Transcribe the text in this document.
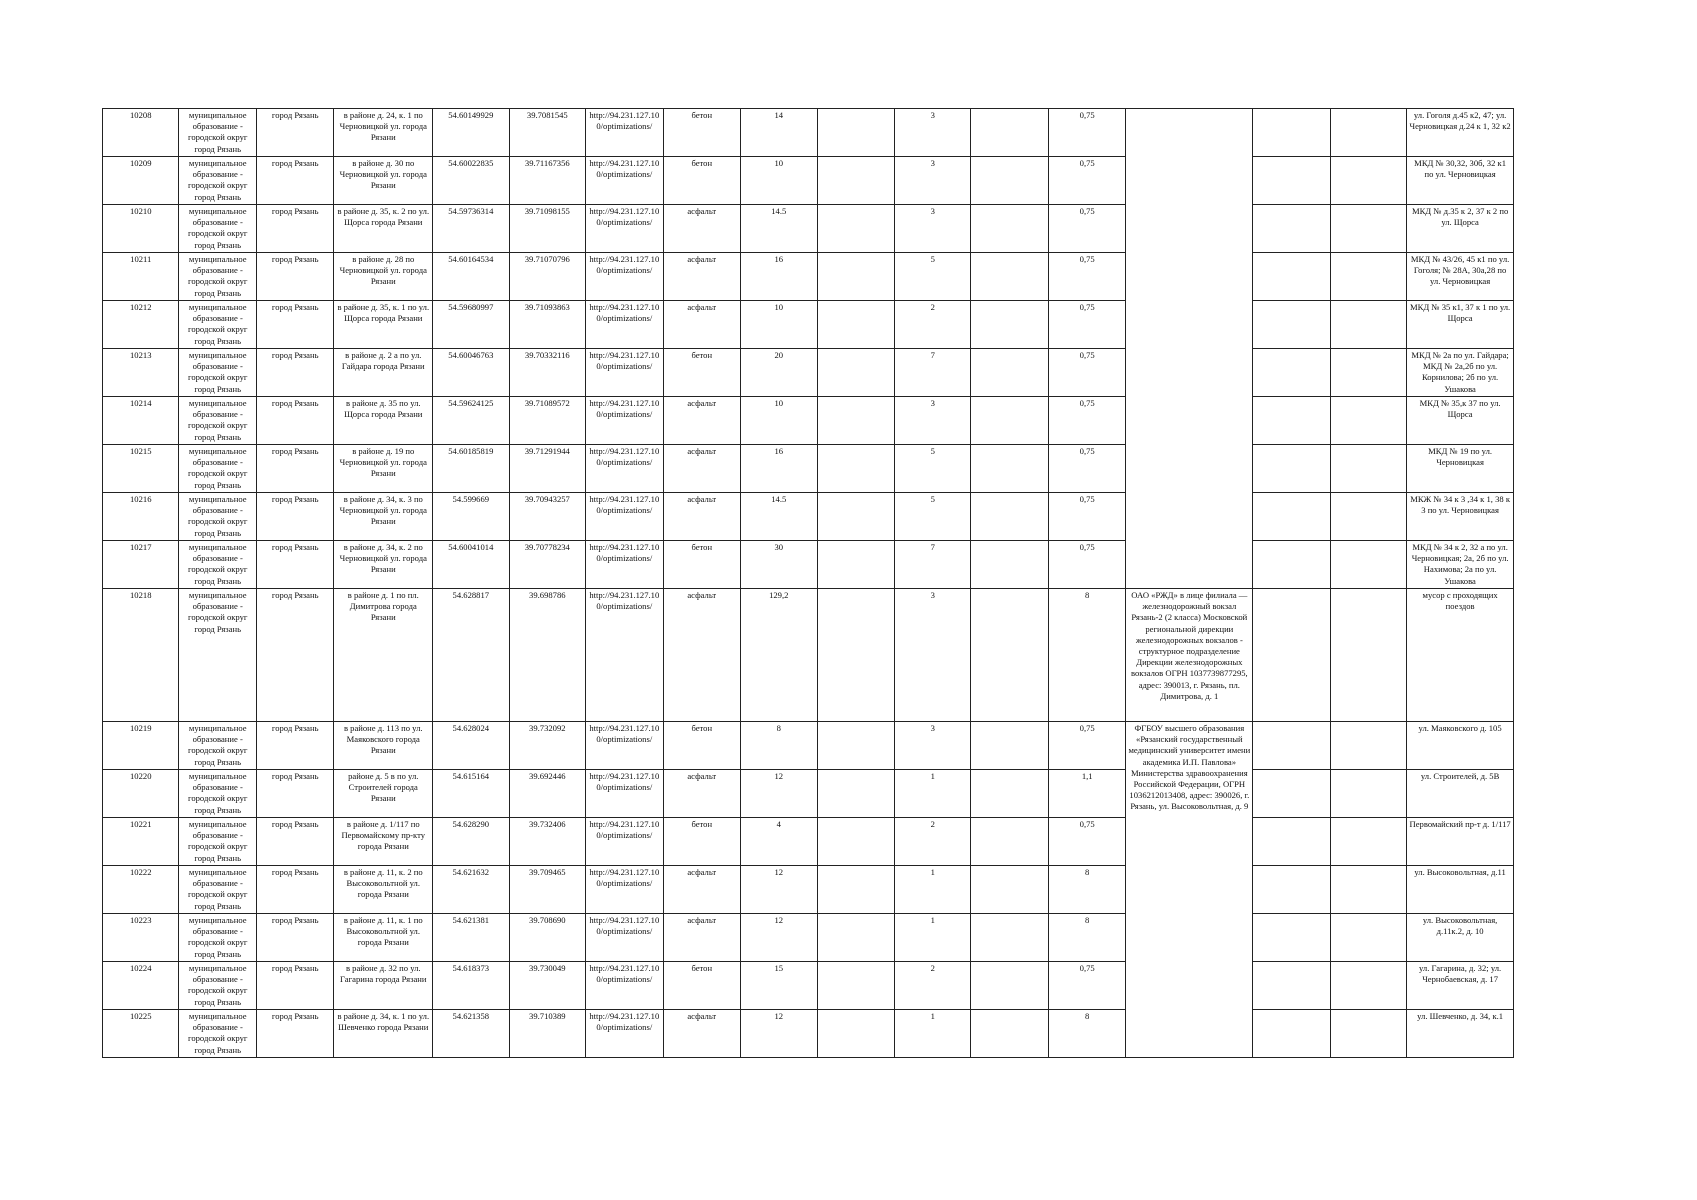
10208	муниципальное образование - городской округ город Рязань	город Рязань	в районе д. 24, к. 1 по Черновицкой ул. города Рязани	54.60149929	39.7081545	http://94.231.127.100/optimizations/	бетон	14		3		0,75				ул. Гоголя д.45 к2, 47; ул. Черновицкая д.24 к 1, 32 к2
10209	муниципальное образование - городской округ город Рязань	город Рязань	в районе д. 30 по Черновицкой ул. города Рязани	54.60022835	39.71167356	http://94.231.127.100/optimizations/	бетон	10		3		0,75				МКД № 30,32, 30б, 32 к1 по ул. Черновицкая
10210	муниципальное образование - городской округ город Рязань	город Рязань	в районе д. 35, к. 2 по ул. Щорса города Рязани	54.59736314	39.71098155	http://94.231.127.100/optimizations/	асфальт	14.5		3		0,75				МКД № д.35 к 2, 37 к 2 по ул. Щорса
10211	муниципальное образование - городской округ город Рязань	город Рязань	в районе д. 28 по Черновицкой ул. города Рязани	54.60164534	39.71070796	http://94.231.127.100/optimizations/	асфальт	16		5		0,75				МКД № 43/26, 45 к1 по ул. Гоголя; № 28А, 30а,28 по ул. Черновицкая
10212	муниципальное образование - городской округ город Рязань	город Рязань	в районе д. 35, к. 1 по ул. Щорса города Рязани	54.59680997	39.71093863	http://94.231.127.100/optimizations/	асфальт	10		2		0,75				МКД № 35 к1, 37 к 1 по ул. Щорса
10213	муниципальное образование - городской округ город Рязань	город Рязань	в районе д. 2 а по ул. Гайдара города Рязани	54.60046763	39.70332116	http://94.231.127.100/optimizations/	бетон	20		7		0,75				МКД № 2а по ул. Гайдара; МКД № 2а,2б по ул. Корнилова; 2б по ул. Ушакова
10214	муниципальное образование - городской округ город Рязань	город Рязань	в районе д. 35 по ул. Щорса города Рязани	54.59624125	39.71089572	http://94.231.127.100/optimizations/	асфальт	10		3		0,75				МКД № 35,к 37 по ул. Щорса
10215	муниципальное образование - городской округ город Рязань	город Рязань	в районе д. 19 по Черновицкой ул. города Рязани	54.60185819	39.71291944	http://94.231.127.100/optimizations/	асфальт	16		5		0,75				МКД № 19 по ул. Черновицкая
10216	муниципальное образование - городской округ город Рязань	город Рязань	в районе д. 34, к. 3 по Черновицкой ул. города Рязани	54.599669	39.70943257	http://94.231.127.100/optimizations/	асфальт	14.5		5		0,75				МКЖ № 34 к 3 ,34 к 1, 38 к 3 по ул. Черновицкая
10217	муниципальное образование - городской округ город Рязань	город Рязань	в районе д. 34, к. 2 по Черновицкой ул. города Рязани	54.60041014	39.70778234	http://94.231.127.100/optimizations/	бетон	30		7		0,75				МКД № 34 к 2, 32 а по ул. Черновицкая; 2а, 2б по ул. Нахимова; 2а по ул. Ушакова
10218	муниципальное образование - городской округ город Рязань	город Рязань	в районе д. 1 по пл. Димитрова города Рязани	54.628817	39.698786	http://94.231.127.100/optimizations/	асфальт	129,2		3		8	ОАО «РЖД» в лице филиала — железнодорожный вокзал Рязань-2 (2 класса) Московской региональной дирекции железнодорожных вокзалов - структурное подразделение Дирекции железнодорожных вокзалов ОГРН 1037739877295, адрес: 390013, г. Рязань, пл. Димитрова, д. 1			мусор с проходящих поездов
10219	муниципальное образование - городской округ город Рязань	город Рязань	в районе д. 113 по ул. Маяковского города Рязани	54.628024	39.732092	http://94.231.127.100/optimizations/	бетон	8		3		0,75	ФГБОУ высшего образования «Рязанский государственный медицинский университет имени академика И.П. Павлова» Министерства здравоохранения Российской Федерации, ОГРН 1036212013408, адрес: 390026, г. Рязань, ул. Высоковольтная, д. 9			ул. Маяковского д. 105
10220	муниципальное образование - городской округ город Рязань	город Рязань	районе д. 5 в по ул. Строителей города Рязани	54.615164	39.692446	http://94.231.127.100/optimizations/	асфальт	12		1		1,1				ул. Строителей, д. 5В
10221	муниципальное образование - городской округ город Рязань	город Рязань	в районе д. 1/117 по Первомайскому пр-кту города Рязани	54.628290	39.732406	http://94.231.127.100/optimizations/	бетон	4		2		0,75				Первомайский пр-т д. 1/117
10222	муниципальное образование - городской округ город Рязань	город Рязань	в районе д. 11, к. 2 по Высоковольтной ул. города Рязани	54.621632	39.709465	http://94.231.127.100/optimizations/	асфальт	12		1		8				ул. Высоковольтная, д.11
10223	муниципальное образование - городской округ город Рязань	город Рязань	в районе д. 11, к. 1 по Высоковольтной ул. города Рязани	54.621381	39.708690	http://94.231.127.100/optimizations/	асфальт	12		1		8				ул. Высоковольтная, д.11к.2, д. 10
10224	муниципальное образование - городской округ город Рязань	город Рязань	в районе д. 32 по ул. Гагарина города Рязани	54.618373	39.730049	http://94.231.127.100/optimizations/	бетон	15		2		0,75				ул. Гагарина, д. 32; ул. Чернобаевская, д. 17
10225	муниципальное образование - городской округ город Рязань	город Рязань	в районе д. 34, к. 1 по ул. Шевченко города Рязани	54.621358	39.710389	http://94.231.127.100/optimizations/	асфальт	12		1		8				ул. Шевченко, д. 34, к.1
